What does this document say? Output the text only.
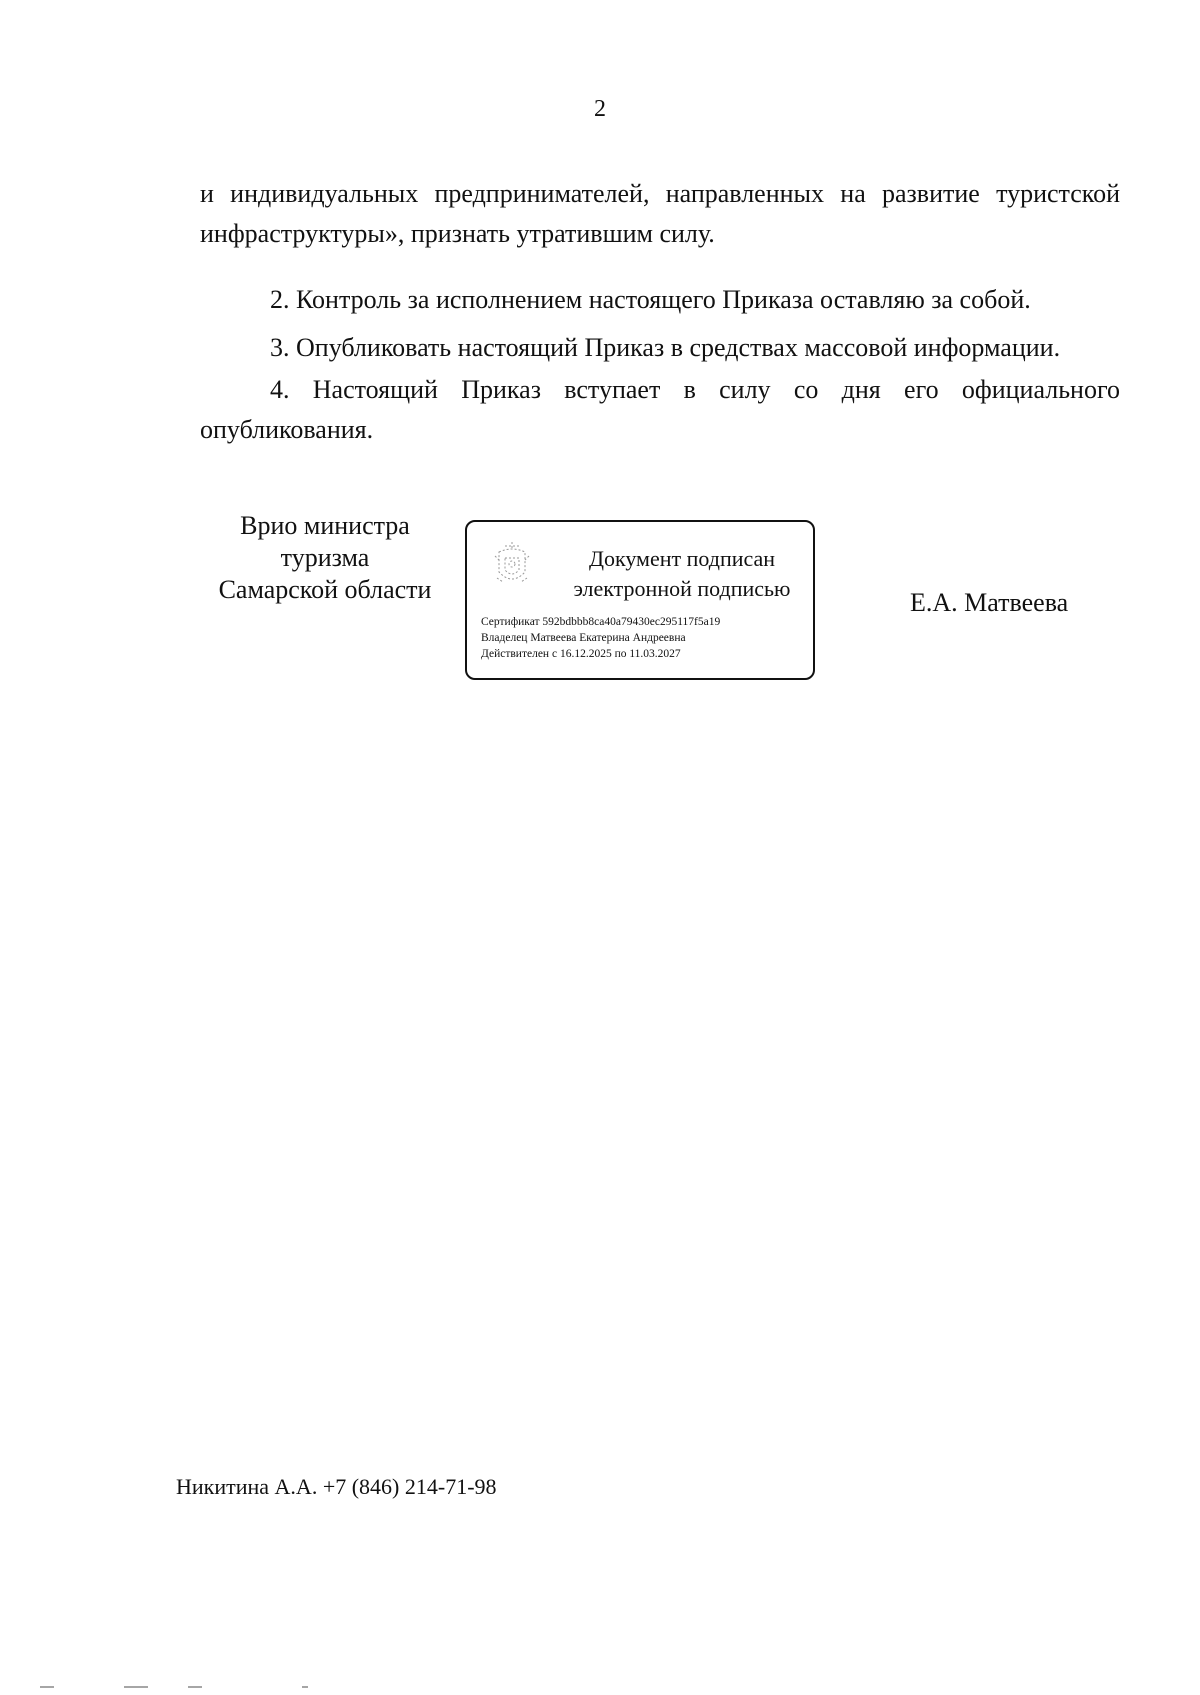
2
и индивидуальных предпринимателей, направленных на развитие туристской
инфраструктуры», признать утратившим силу.
2. Контроль за исполнением настоящего Приказа оставляю за собой.
3. Опубликовать настоящий Приказ в средствах массовой информации.
4. Настоящий Приказ вступает в силу со дня его официального
опубликования.
Врио министра
туризма
Самарской области
Документ подписан
электронной подписью
Сертификат 592bdbbb8ca40a79430ec295117f5a19
Владелец Матвеева Екатерина Андреевна
Действителен с 16.12.2025 по 11.03.2027
Е.А. Матвеева
Никитина А.А. +7 (846) 214-71-98
